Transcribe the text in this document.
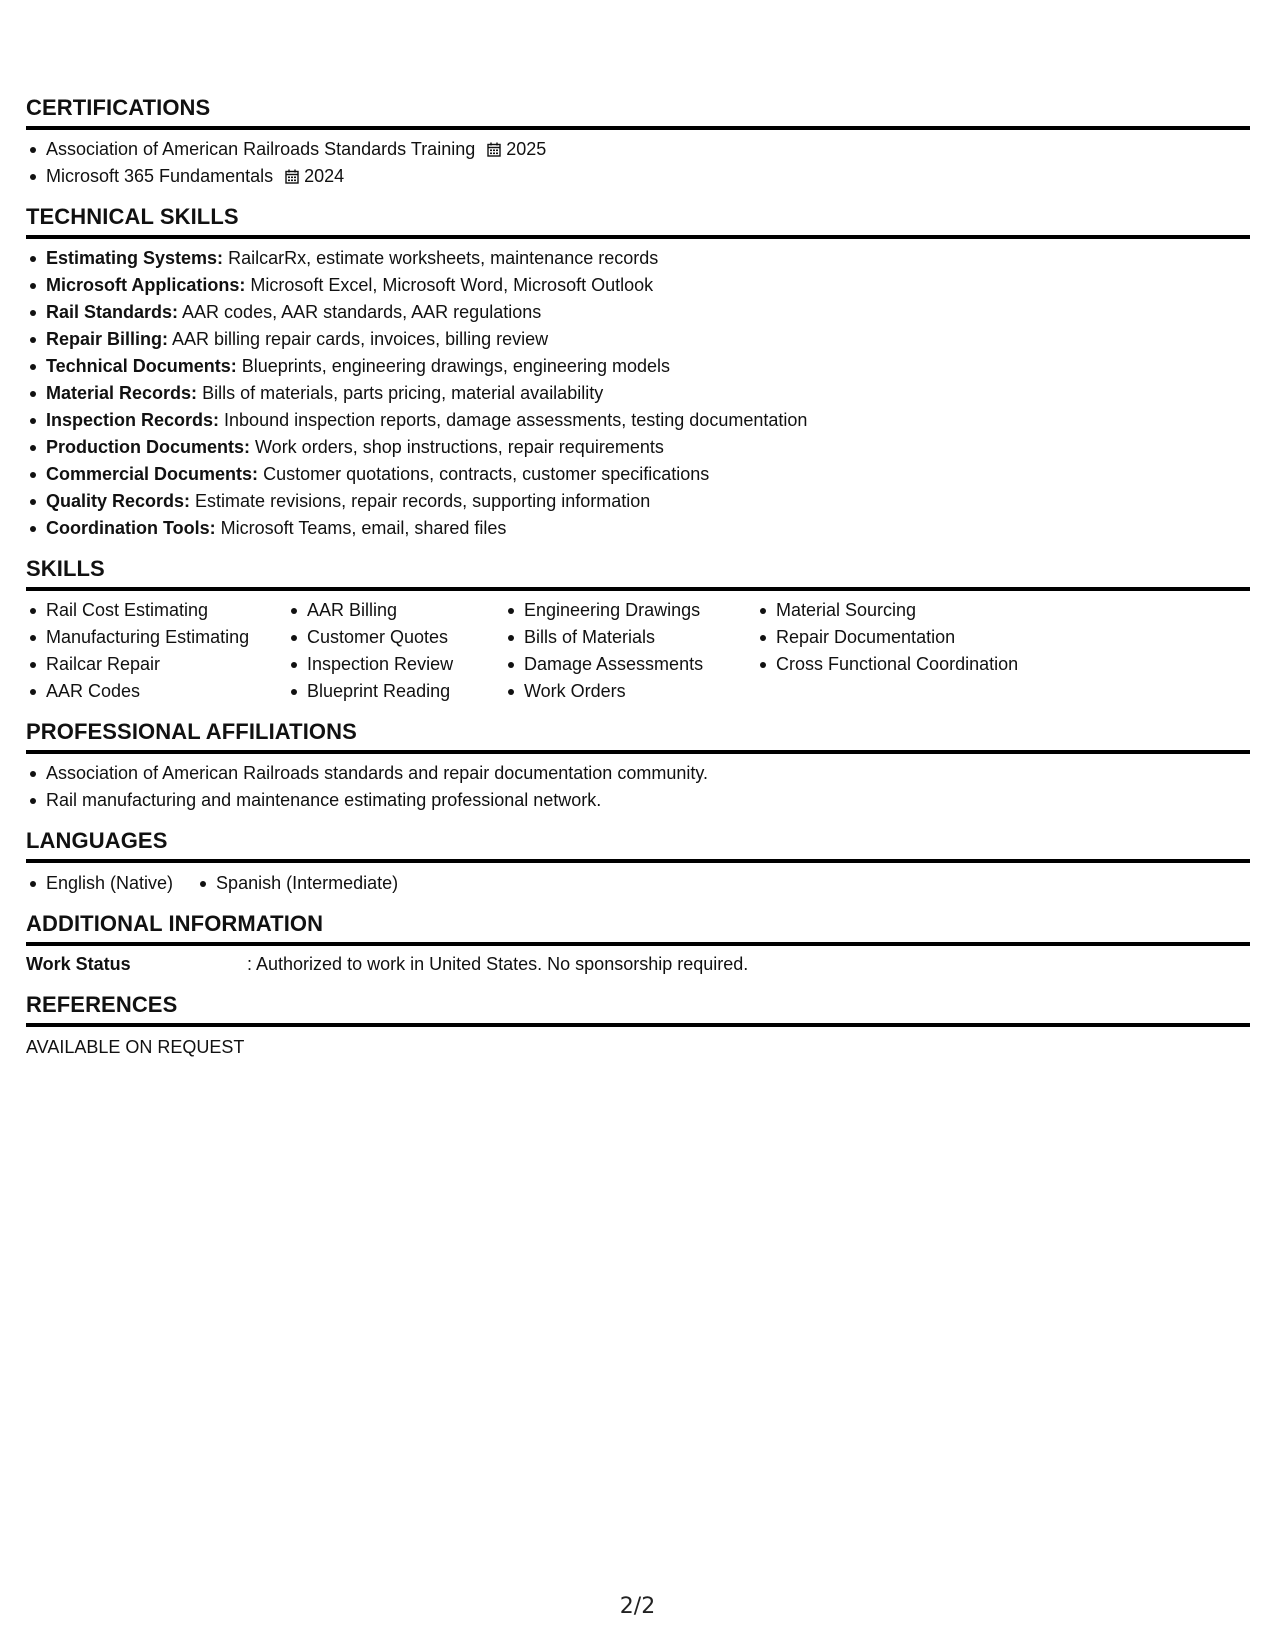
CERTIFICATIONS
Association of American Railroads Standards Training 2025
Microsoft 365 Fundamentals 2024
TECHNICAL SKILLS
Estimating Systems: RailcarRx, estimate worksheets, maintenance records
Microsoft Applications: Microsoft Excel, Microsoft Word, Microsoft Outlook
Rail Standards: AAR codes, AAR standards, AAR regulations
Repair Billing: AAR billing repair cards, invoices, billing review
Technical Documents: Blueprints, engineering drawings, engineering models
Material Records: Bills of materials, parts pricing, material availability
Inspection Records: Inbound inspection reports, damage assessments, testing documentation
Production Documents: Work orders, shop instructions, repair requirements
Commercial Documents: Customer quotations, contracts, customer specifications
Quality Records: Estimate revisions, repair records, supporting information
Coordination Tools: Microsoft Teams, email, shared files
SKILLS
Rail Cost Estimating
Manufacturing Estimating
Railcar Repair
AAR Codes
AAR Billing
Customer Quotes
Inspection Review
Blueprint Reading
Engineering Drawings
Bills of Materials
Damage Assessments
Work Orders
Material Sourcing
Repair Documentation
Cross Functional Coordination
PROFESSIONAL AFFILIATIONS
Association of American Railroads standards and repair documentation community.
Rail manufacturing and maintenance estimating professional network.
LANGUAGES
English (Native) Spanish (Intermediate)
ADDITIONAL INFORMATION
Work Status	: Authorized to work in United States. No sponsorship required.
REFERENCES
AVAILABLE ON REQUEST
2/2
